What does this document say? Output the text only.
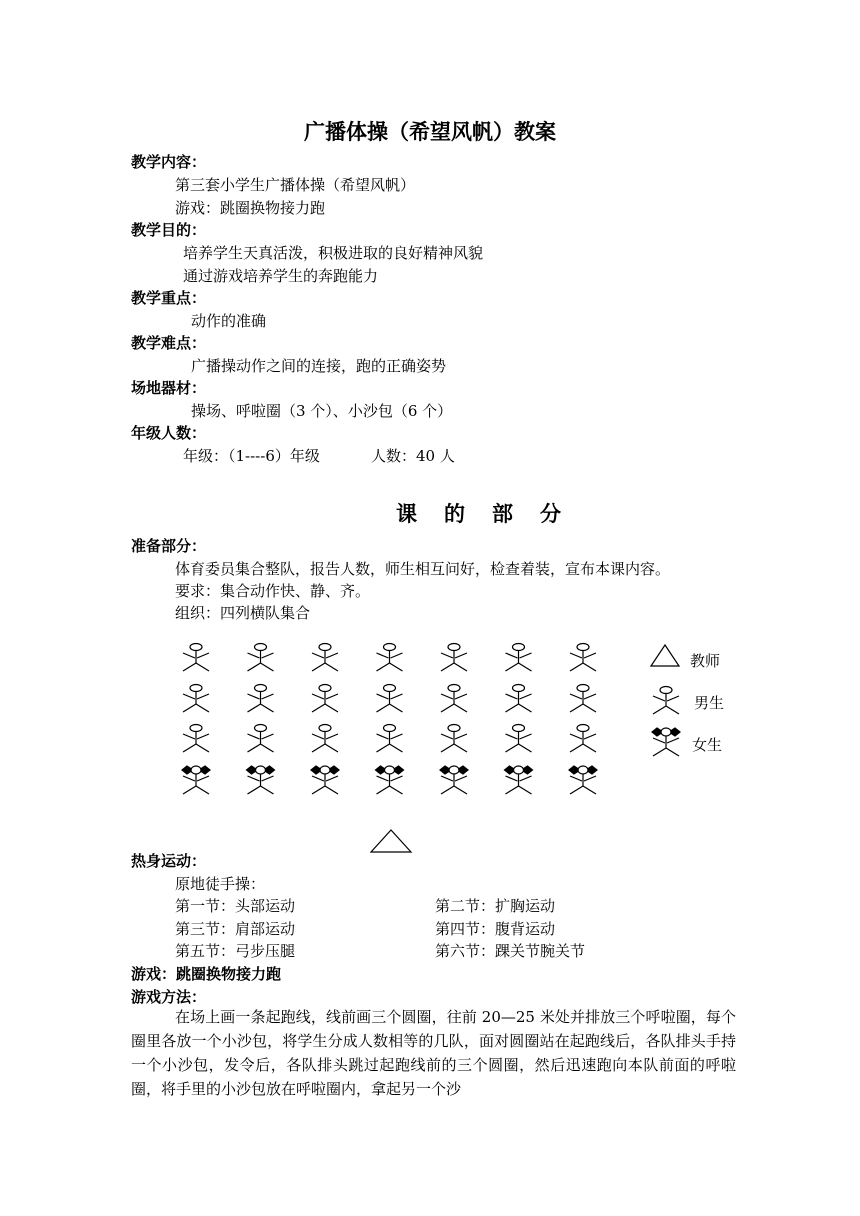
广播体操（希望风帆）教案
教学内容：
第三套小学生广播体操（希望风帆）
游戏：跳圈换物接力跑
教学目的：
培养学生天真活泼，积极进取的良好精神风貌
通过游戏培养学生的奔跑能力
教学重点：
动作的准确
教学难点：
广播操动作之间的连接，跑的正确姿势
场地器材：
操场、呼啦圈（3 个）、小沙包（6 个）
年级人数：
年级：（1----6）年级	人数：40 人
课的部分
准备部分：
体育委员集合整队，报告人数，师生相互问好，检查着装，宣布本课内容。
要求：集合动作快、静、齐。
组织：四列横队集合
教师
男生
女生
热身运动：
原地徒手操：
第一节：头部运动	第二节：扩胸运动
第三节：肩部运动	第四节：腹背运动
第五节：弓步压腿	第六节：踝关节腕关节
游戏：跳圈换物接力跑
游戏方法：
在场上画一条起跑线，线前画三个圆圈，往前 20—25 米处并排放三个呼啦圈，每个圈里各放一个小沙包，将学生分成人数相等的几队，面对圆圈站在起跑线后，各队排头手持一个小沙包，发令后，各队排头跳过起跑线前的三个圆圈，然后迅速跑向本队前面的呼啦圈，将手里的小沙包放在呼啦圈内，拿起另一个沙
